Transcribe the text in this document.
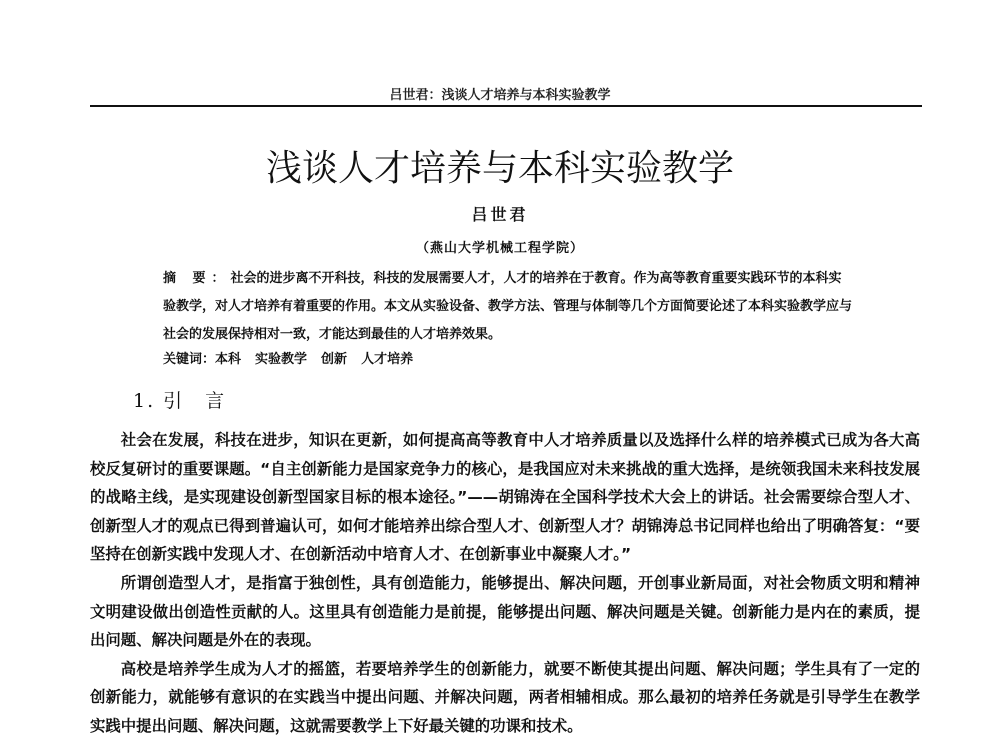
吕世君：浅谈人才培养与本科实验教学
浅谈人才培养与本科实验教学
吕世君
（燕山大学机械工程学院）
摘 要：社会的进步离不开科技，科技的发展需要人才，人才的培养在于教育。作为高等教育重要实践环节的本科实验教学，对人才培养有着重要的作用。本文从实验设备、教学方法、管理与体制等几个方面简要论述了本科实验教学应与社会的发展保持相对一致，才能达到最佳的人才培养效果。
关键词：本科 实验教学 创新 人才培养
1. 引　言

社会在发展，科技在进步，知识在更新，如何提高高等教育中人才培养质量以及选择什么样的培养模式已成为各大高校反复研讨的重要课题。“自主创新能力是国家竞争力的核心，是我国应对未来挑战的重大选择，是统领我国未来科技发展的战略主线，是实现建设创新型国家目标的根本途径。”——胡锦涛在全国科学技术大会上的讲话。社会需要综合型人才、创新型人才的观点已得到普遍认可，如何才能培养出综合型人才、创新型人才？胡锦涛总书记同样也给出了明确答复：“要坚持在创新实践中发现人才、在创新活动中培育人才、在创新事业中凝聚人才。”

所谓创造型人才，是指富于独创性，具有创造能力，能够提出、解决问题，开创事业新局面，对社会物质文明和精神文明建设做出创造性贡献的人。这里具有创造能力是前提，能够提出问题、解决问题是关键。创新能力是内在的素质，提出问题、解决问题是外在的表现。

高校是培养学生成为人才的摇篮，若要培养学生的创新能力，就要不断使其提出问题、解决问题；学生具有了一定的创新能力，就能够有意识的在实践当中提出问题、并解决问题，两者相辅相成。那么最初的培养任务就是引导学生在教学实践中提出问题、解决问题，这就需要教学上下好最关键的功课和技术。
